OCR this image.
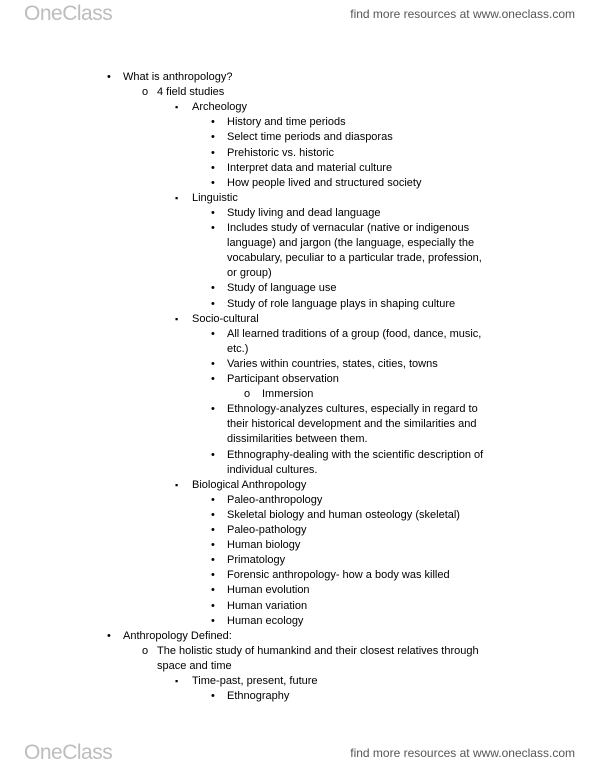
OneClass	find more resources at www.oneclass.com
•
What is anthropology?
o
4 field studies
▪
Archeology
•
History and time periods
•
Select time periods and diasporas
•
Prehistoric vs. historic
•
Interpret data and material culture
•
How people lived and structured society
▪
Linguistic
•
Study living and dead language
•
Includes study of vernacular (native or indigenous
language) and jargon (the language, especially the
vocabulary, peculiar to a particular trade, profession,
or group)
•
Study of language use
•
Study of role language plays in shaping culture
▪
Socio-cultural
•
All learned traditions of a group (food, dance, music,
etc.)
•
Varies within countries, states, cities, towns
•
Participant observation
o
Immersion
•
Ethnology-analyzes cultures, especially in regard to
their historical development and the similarities and
dissimilarities between them.
•
Ethnography-dealing with the scientific description of
individual cultures.
▪
Biological Anthropology
•
Paleo-anthropology
•
Skeletal biology and human osteology (skeletal)
•
Paleo-pathology
•
Human biology
•
Primatology
•
Forensic anthropology- how a body was killed
•
Human evolution
•
Human variation
•
Human ecology
•
Anthropology Defined:
o
The holistic study of humankind and their closest relatives through
space and time
▪
Time-past, present, future
•
Ethnography
OneClass	find more resources at www.oneclass.com
